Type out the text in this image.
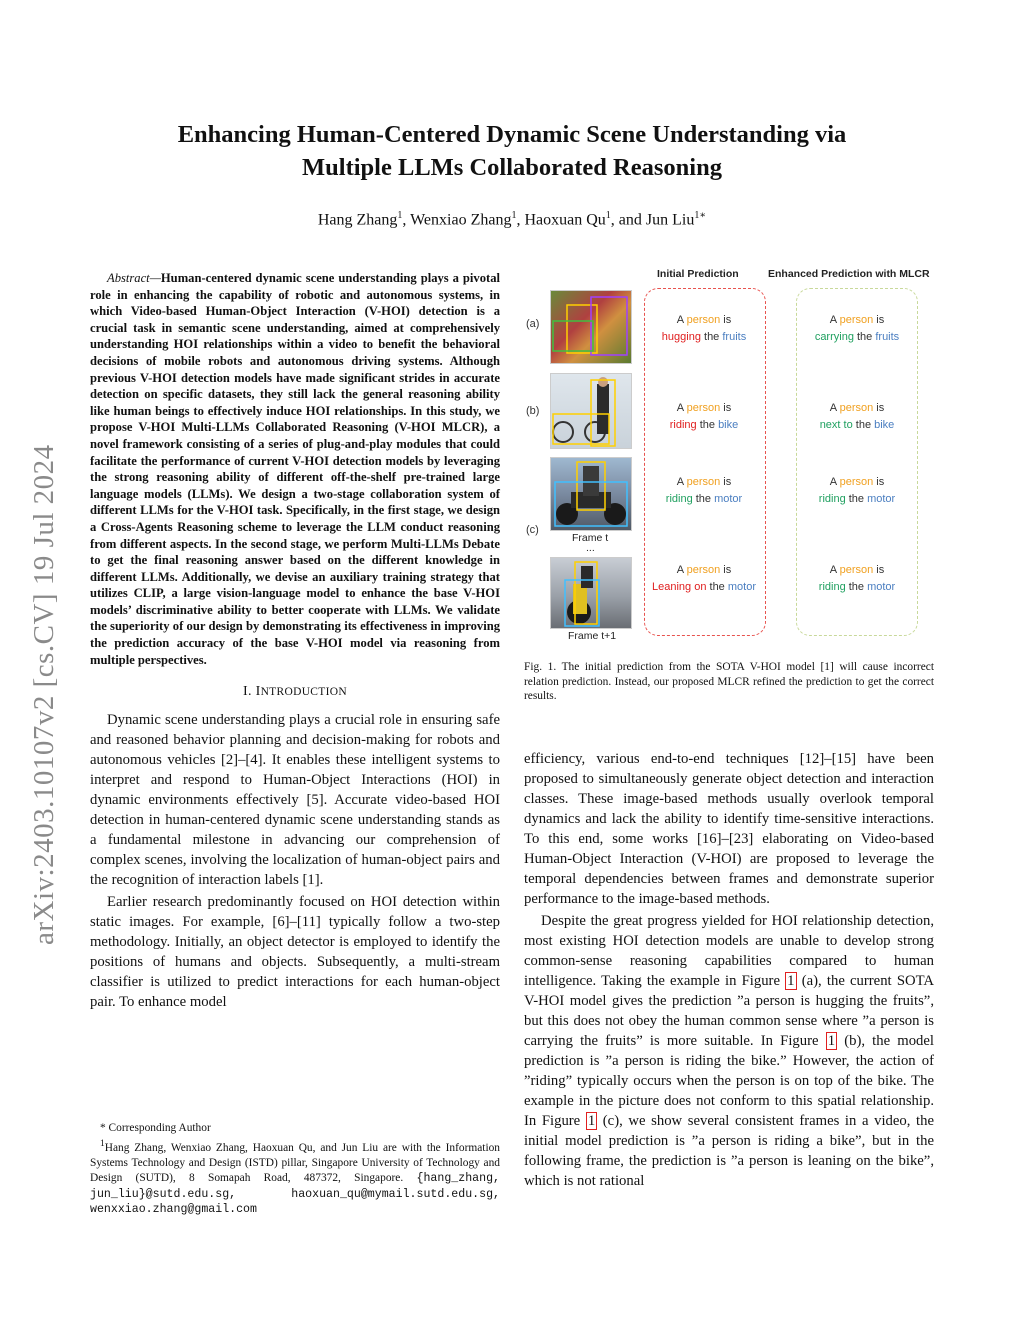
arXiv:2403.10107v2 [cs.CV] 19 Jul 2024
Enhancing Human-Centered Dynamic Scene Understanding via
Multiple LLMs Collaborated Reasoning
Hang Zhang$^1$, Wenxiao Zhang$^1$, Haoxuan Qu$^1$, and Jun Liu$^{1∗}$
Abstract—Human-centered dynamic scene understanding plays a pivotal role in enhancing the capability of robotic and autonomous systems, in which Video-based Human-Object Interaction (V-HOI) detection is a crucial task in semantic scene understanding, aimed at comprehensively understanding HOI relationships within a video to benefit the behavioral decisions of mobile robots and autonomous driving systems. Although previous V-HOI detection models have made significant strides in accurate detection on specific datasets, they still lack the general reasoning ability like human beings to effectively induce HOI relationships. In this study, we propose V-HOI Multi-LLMs Collaborated Reasoning (V-HOI MLCR), a novel framework consisting of a series of plug-and-play modules that could facilitate the performance of current V-HOI detection models by leveraging the strong reasoning ability of different off-the-shelf pre-trained large language models (LLMs). We design a two-stage collaboration system of different LLMs for the V-HOI task. Specifically, in the first stage, we design a Cross-Agents Reasoning scheme to leverage the LLM conduct reasoning from different aspects. In the second stage, we perform Multi-LLMs Debate to get the final reasoning answer based on the different knowledge in different LLMs. Additionally, we devise an auxiliary training strategy that utilizes CLIP, a large vision-language model to enhance the base V-HOI models’ discriminative ability to better cooperate with LLMs. We validate the superiority of our design by demonstrating its effectiveness in improving the prediction accuracy of the base V-HOI model via reasoning from multiple perspectives.
I. INTRODUCTION

Dynamic scene understanding plays a crucial role in ensuring safe and reasoned behavior planning and decision-making for robots and autonomous vehicles [2]–[4]. It enables these intelligent systems to interpret and respond to Human-Object Interactions (HOI) in dynamic environments effectively [5]. Accurate video-based HOI detection in human-centered dynamic scene understanding stands as a fundamental milestone in advancing our comprehension of complex scenes, involving the localization of human-object pairs and the recognition of interaction labels [1].

Earlier research predominantly focused on HOI detection within static images. For example, [6]–[11] typically follow a two-step methodology. Initially, an object detector is employed to identify the positions of humans and objects. Subsequently, a multi-stream classifier is utilized to predict interactions for each human-object pair. To enhance model

* Corresponding Author

$^1$Hang Zhang, Wenxiao Zhang, Haoxuan Qu, and Jun Liu are with the Information Systems Technology and Design (ISTD) pillar, Singapore University of Technology and Design (SUTD), 8 Somapah Road, 487372, Singapore. {hang_zhang, jun_liu}@sutd.edu.sg, haoxuan_qu@mymail.sutd.edu.sg, wenxxiao.zhang@gmail.com

Initial Prediction	Enhanced Prediction with MLCR
(a)
(b)
(c)
Frame t
...
Frame t+1
A person is
hugging the fruits
A person is
riding the bike
A person is
riding the motor
A person is
Leaning on the motor
A person is
carrying the fruits
A person is
next to the bike
A person is
riding the motor
A person is
riding the motor
Fig. 1. The initial prediction from the SOTA V-HOI model [1] will cause incorrect relation prediction. Instead, our proposed MLCR refined the prediction to get the correct results.

efficiency, various end-to-end techniques [12]–[15] have been proposed to simultaneously generate object detection and interaction classes. These image-based methods usually overlook temporal dynamics and lack the ability to identify time-sensitive interactions. To this end, some works [16]–[23] elaborating on Video-based Human-Object Interaction (V-HOI) are proposed to leverage the temporal dependencies between frames and demonstrate superior performance to the image-based methods.

Despite the great progress yielded for HOI relationship detection, most existing HOI detection models are unable to develop strong common-sense reasoning capabilities compared to human intelligence. Taking the example in Figure 1 (a), the current SOTA V-HOI model gives the prediction ”a person is hugging the fruits”, but this does not obey the human common sense where ”a person is carrying the fruits” is more suitable. In Figure 1 (b), the model prediction is ”a person is riding the bike.” However, the action of ”riding” typically occurs when the person is on top of the bike. The example in the picture does not conform to this spatial relationship. In Figure 1 (c), we show several consistent frames in a video, the initial model prediction is ”a person is riding a bike”, but in the following frame, the prediction is ”a person is leaning on the bike”, which is not rational
